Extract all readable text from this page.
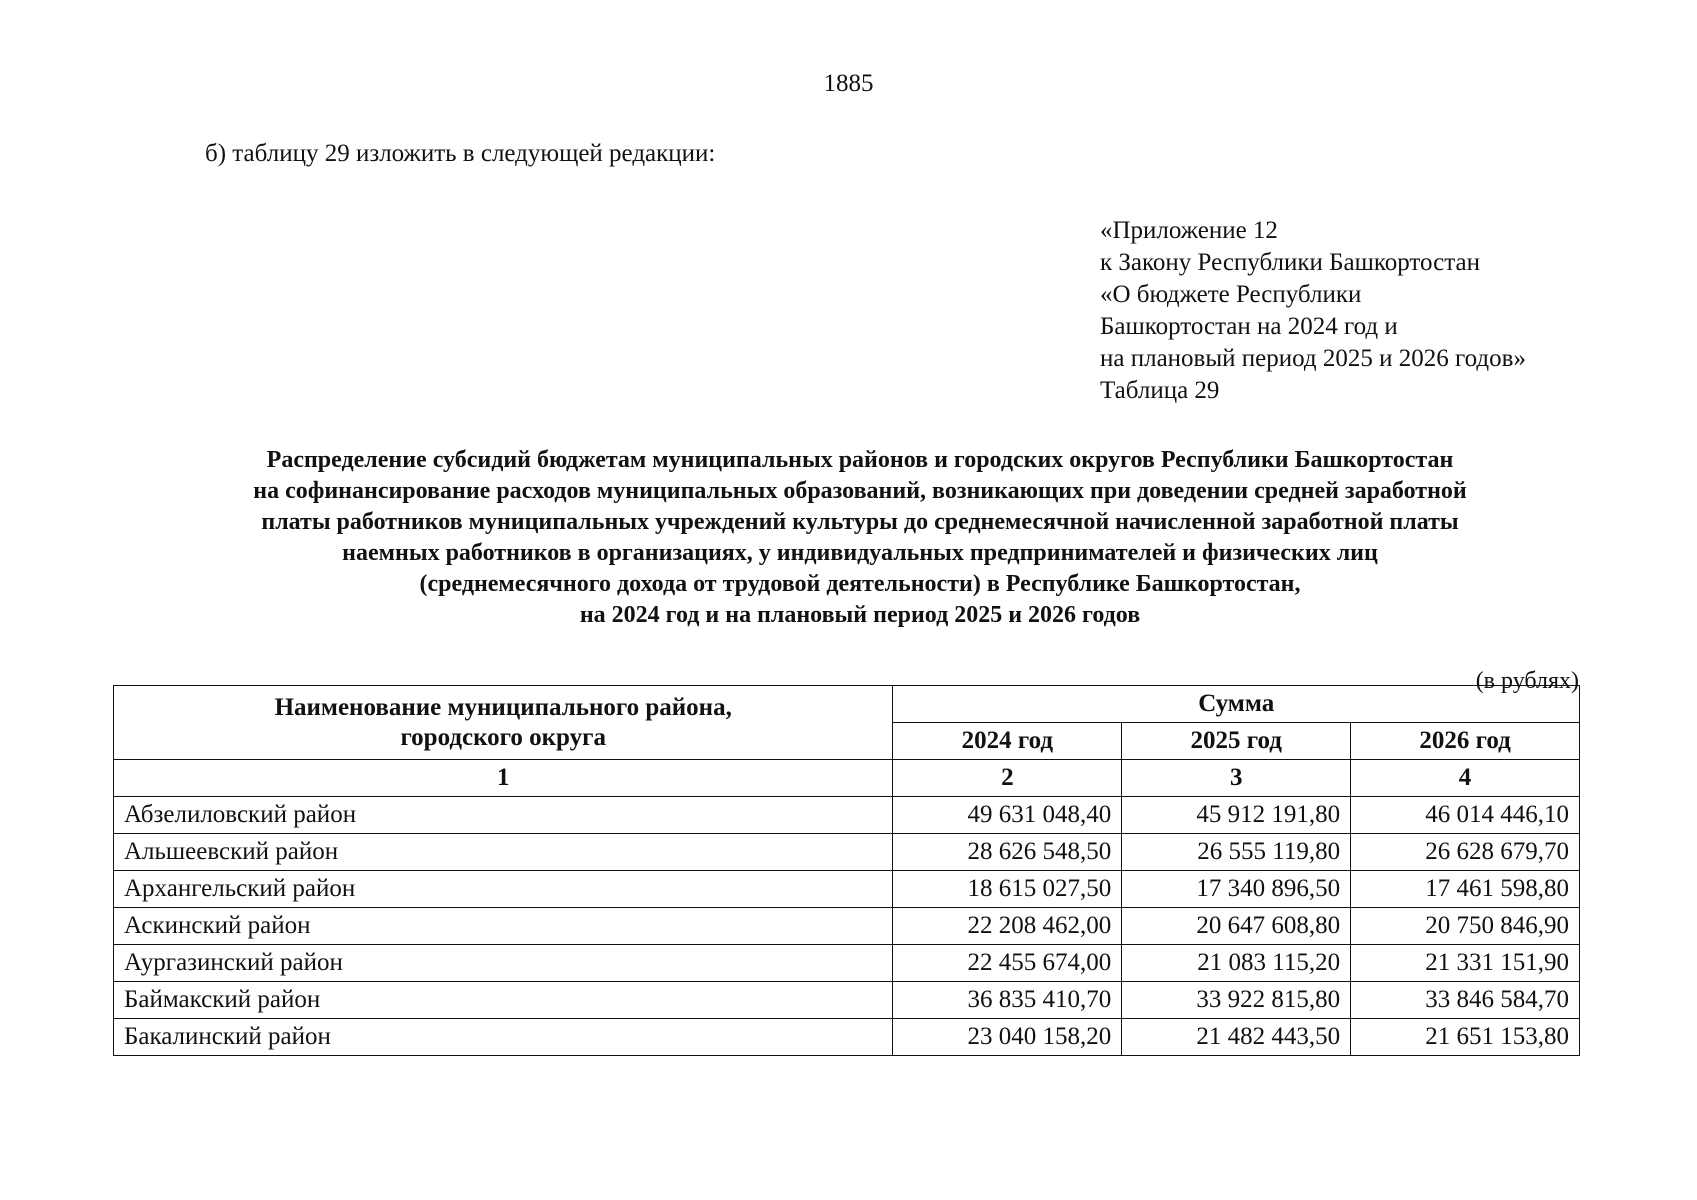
1885
б) таблицу 29 изложить в следующей редакции:
«Приложение 12
к Закону Республики Башкортостан
«О бюджете Республики
Башкортостан на 2024 год и
на плановый период 2025 и 2026 годов»
Таблица 29
Распределение субсидий бюджетам муниципальных районов и городских округов Республики Башкортостан
на софинансирование расходов муниципальных образований, возникающих при доведении средней заработной
платы работников муниципальных учреждений культуры до среднемесячной начисленной заработной платы
наемных работников в организациях, у индивидуальных предпринимателей и физических лиц
(среднемесячного дохода от трудовой деятельности) в Республике Башкортостан,
на 2024 год и на плановый период 2025 и 2026 годов
(в рублях)
Наименование муниципального района,
городского округа	Сумма		
	2024 год	2025 год	2026 год
1	2	3	4
Абзелиловский район	49 631 048,40	45 912 191,80	46 014 446,10
Альшеевский район	28 626 548,50	26 555 119,80	26 628 679,70
Архангельский район	18 615 027,50	17 340 896,50	17 461 598,80
Аскинский район	22 208 462,00	20 647 608,80	20 750 846,90
Аургазинский район	22 455 674,00	21 083 115,20	21 331 151,90
Баймакский район	36 835 410,70	33 922 815,80	33 846 584,70
Бакалинский район	23 040 158,20	21 482 443,50	21 651 153,80
